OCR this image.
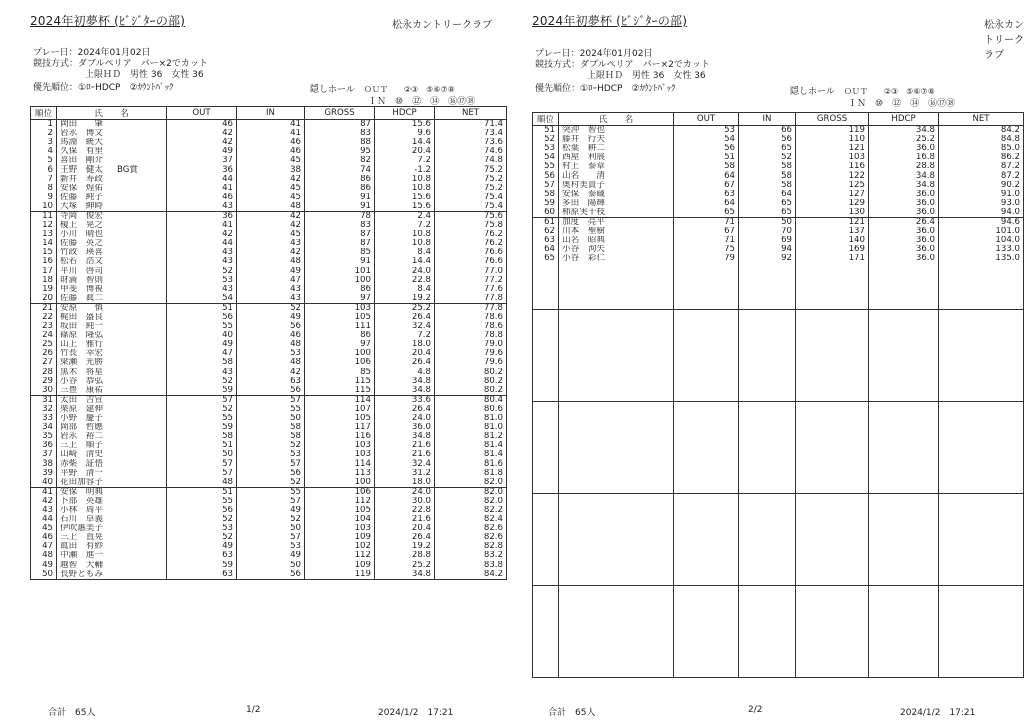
2024年初夢杯 (ﾋﾞｼﾞﾀｰの部)	松永カントリークラブ
プレー日：2024年01月02日
競技方式：ダブルペリア　パー×2でカット
上限ＨＤ　男性 36　女性 36
優先順位：①ﾛｰHDCP　②ｶｳﾝﾄﾊﾞｯｸ	隠しホール　 ＯＵＴ　　②③　⑤⑥⑦⑧
ＩＮ　⑩　⑫　⑭　⑯⑰⑱
順位	氏　　名	OUT	IN	GROSS	HDCP	NET
1	岡田　　肇	46	41	87	15.6	71.4
2	岩永　博文	42	41	83	9.6	73.4
3	馬淵　統大	42	46	88	14.4	73.6
4	久保　有里	49	46	95	20.4	74.6
5	喜田　剛介	37	45	82	7.2	74.8
6	王野　健太 BG賞	36	38	74	-1.2	75.2
7	新井　寿政	44	42	86	10.8	75.2
8	安保　煌佑	41	45	86	10.8	75.2
9	佐藤　純子	46	45	91	15.6	75.4
10	大塚　紳時	43	48	91	15.6	75.4
11	寺岡　俊宏	36	42	78	2.4	75.6
12	榎上　晃之	41	42	83	7.2	75.8
13	小川　晴也	42	45	87	10.8	76.2
14	佐藤　英之	44	43	87	10.8	76.2
15	竹政　瑛喜	43	42	85	8.4	76.6
16	松若　浩文	43	48	91	14.4	76.6
17	平川　啓司	52	49	101	24.0	77.0
18	財満　智則	53	47	100	22.8	77.2
19	甲斐　博視	43	43	86	8.4	77.6
20	佐藤　眞二	54	43	97	19.2	77.8
21	安原　　慎	51	52	103	25.2	77.8
22	梶田　盛良	56	49	105	26.4	78.6
23	坂田　純一	55	56	111	32.4	78.6
24	篠原　隆弘	40	46	86	7.2	78.8
25	山上　雅行	49	48	97	18.0	79.0
26	竹長　幸宏	47	53	100	20.4	79.6
27	梁瀬　光勝	58	48	106	26.4	79.6
28	黒木　将星	43	42	85	4.8	80.2
29	小谷　恭弘	52	63	115	34.8	80.2
30	三豊　康祐	59	56	115	34.8	80.2
31	太田　吉宣	57	57	114	33.6	80.4
32	栗原　建伸	52	55	107	26.4	80.6
33	小野　慶子	55	50	105	24.0	81.0
34	岡部　哲應	59	58	117	36.0	81.0
35	岩永　裕二	58	58	116	34.8	81.2
36	三上　順子	51	52	103	21.6	81.4
37	山崎　清史	50	53	103	21.6	81.4
38	赤柴　証悟	57	57	114	32.4	81.6
39	平野　清一	57	56	113	31.2	81.8
40	花田加容子	48	52	100	18.0	82.0
41	安保　明典	51	55	106	24.0	82.0
42	卜部　英雄	55	57	112	30.0	82.0
43	小林　周平	56	49	105	22.8	82.2
44	石川　卓義	52	52	104	21.6	82.4
45	伊吹惠美子	53	50	103	20.4	82.6
46	三上　直晃	52	57	109	26.4	82.6
47	眞田　有紗	49	53	102	19.2	82.8
48	中瀬　進一	63	49	112	28.8	83.2
49	越智　大輔	59	50	109	25.2	83.8
50	長野ともみ	63	56	119	34.8	84.2
合計　65人	1/2	2024/1/2　17:21
2024年初夢杯 (ﾋﾞｼﾞﾀｰの部)	松永カントリークラブ
プレー日：2024年01月02日
競技方式：ダブルペリア　パー×2でカット
上限ＨＤ　男性 36　女性 36
優先順位：①ﾛｰHDCP　②ｶｳﾝﾄﾊﾞｯｸ	隠しホール　 ＯＵＴ　　②③　⑤⑥⑦⑧
ＩＮ　⑩　⑫　⑭　⑯⑰⑱
順位	氏　　名	OUT	IN	GROSS	HDCP	NET
51	突沖　智也	53	66	119	34.8	84.2
52	藤井　行夫	54	56	110	25.2	84.8
53	松葉　耕二	56	65	121	36.0	85.0
54	西屋　利展	51	52	103	16.8	86.2
55	村上　泰章	58	58	116	28.8	87.2
56	山名　　清	64	58	122	34.8	87.2
57	奥村美貴子	67	58	125	34.8	90.2
58	安保　泰蔵	63	64	127	36.0	91.0
59	多田　陽輝	64	65	129	36.0	93.0
60	柿原実千枝	65	65	130	36.0	94.0
61	加度　亮平	71	50	121	26.4	94.6
62	川本　聖樹	67	70	137	36.0	101.0
63	山名　昭典	71	69	140	36.0	104.0
64	小谷　洵矢	75	94	169	36.0	133.0
65	小谷　彩仁	79	92	171	36.0	135.0

合計　65人	2/2	2024/1/2　17:21
